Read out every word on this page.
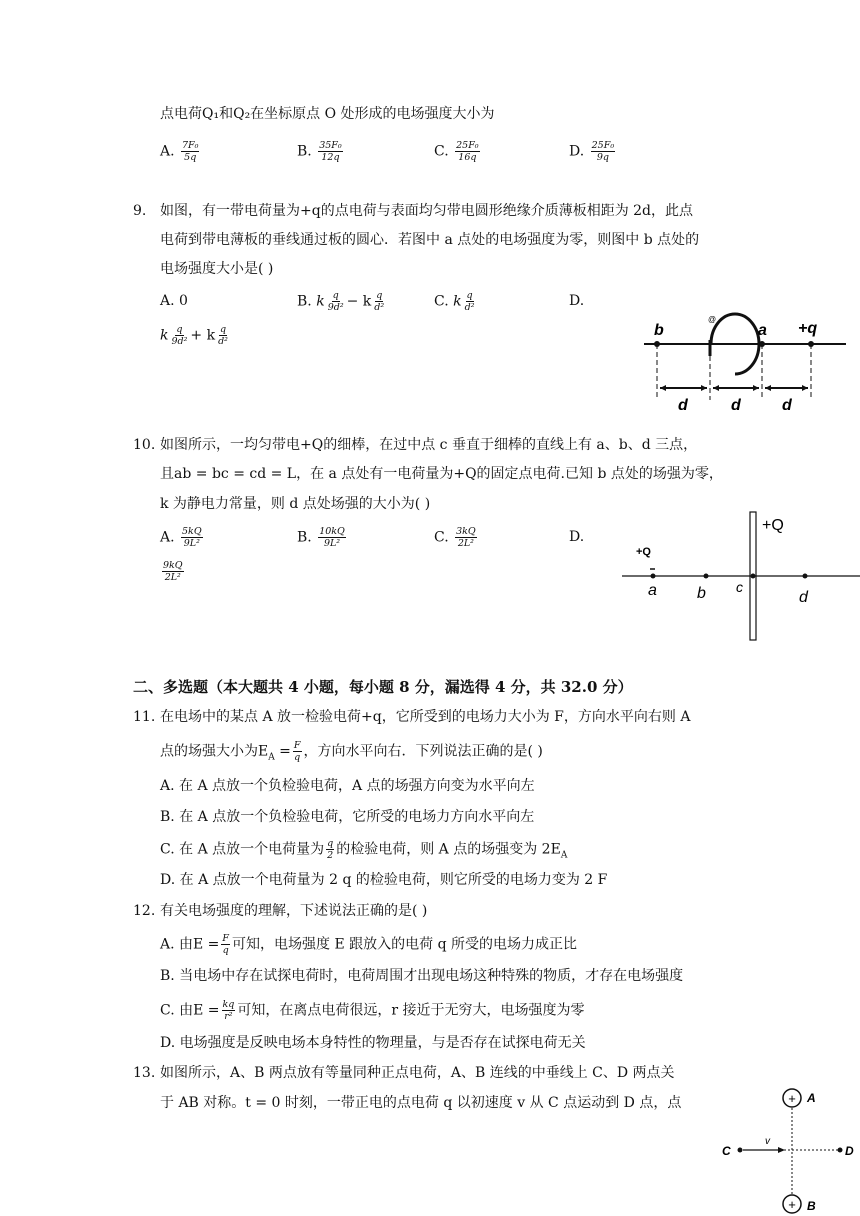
点电荷Q₁和Q₂在坐标原点 O 处形成的电场强度大小为
A. $\frac{\text{7F₀}}{5q}$	B. $\frac{\text{35F₀}}{12q}$	C. $\frac{\text{25F₀}}{16q}$	D. $\frac{\text{25F₀}}{9q}$
9. 如图，有一带电荷量为+q的点电荷与表面均匀带电圆形绝缘介质薄板相距为 2d，此点
电荷到带电薄板的垂线通过板的圆心．若图中 a 点处的电场强度为零，则图中 b 点处的
电场强度大小是( )
A. 0	B. k $\frac{q}{\text{9d²}} - k \frac{q}{\text{d²}}$	C. k $\frac{q}{\text{d²}}$	D.
k $\frac{q}{\text{9d²}} + k \frac{q}{\text{d²}}$	b	a +q
@
d	d	d
10. 如图所示，一均匀带电+Q的细棒，在过中点 c 垂直于细棒的直线上有 a、b、d 三点，
且ab = bc = cd = L，在 a 点处有一电荷量为+Q的固定点电荷.已知 b 点处的场强为零，
k 为静电力常量，则 d 点处场强的大小为( )
A. $\frac{5kQ}{\text{9L²}}$	B. $\frac{10kQ}{\text{9L²}}$	C. $\frac{3kQ}{\text{2L²}}$	D.
$\frac{9kQ}{\text{2L²}}$
+Q
+Q
a	b c
d
二、多选题（本大题共 4 小题，每小题 8 分，漏选得 4 分，共 32.0 分）
11. 在电场中的某点 A 放一检验电荷+q，它所受到的电场力大小为 F，方向水平向右则 A
点的场强大小为$E_A = \frac{F}{q}$ ，方向水平向右．下列说法正确的是( )
A. 在 A 点放一个负检验电荷，A 点的场强方向变为水平向左
B. 在 A 点放一个负检验电荷，它所受的电场力方向水平向左
C. 在 A 点放一个电荷量为 $\frac{q}{2}$ 的检验电荷，则 A 点的场强变为 $2E_A$
D. 在 A 点放一个电荷量为 2 q 的检验电荷，则它所受的电场力变为 2 F
12. 有关电场强度的理解，下述说法正确的是( )
A. 由$E = \frac{F}{q}$ 可知，电场强度 E 跟放入的电荷 q 所受的电场力成正比
B. 当电场中存在试探电荷时，电荷周围才出现电场这种特殊的物质，才存在电场强度
C. 由$E = \frac{kq}{\text{r²}}$ 可知，在离点电荷很远，r 接近于无穷大，电场强度为零
D. 电场强度是反映电场本身特性的物理量，与是否存在试探电荷无关
13. 如图所示，A、B 两点放有等量同种正点电荷，A、B 连线的中垂线上 C、D 两点关
于 AB 对称。t = 0 时刻，一带正电的点电荷 q 以初速度 v 从 C 点运动到 D 点，点	+
+
A
B
C	D
v
